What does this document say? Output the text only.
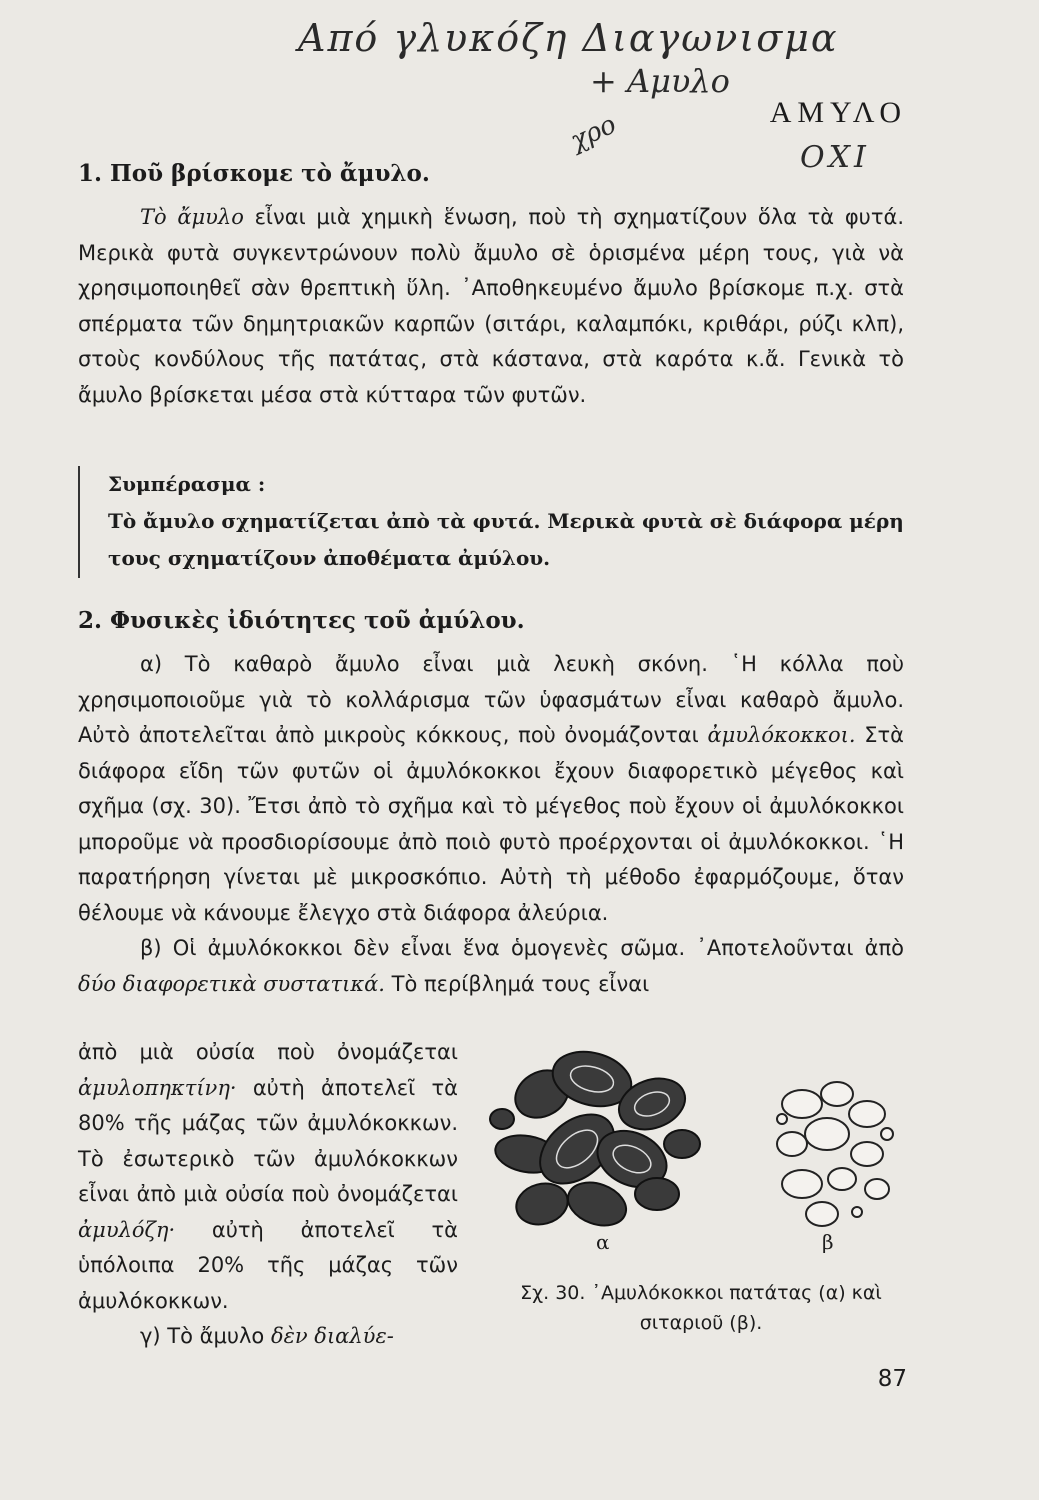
Από γλυκόζη Διαγωνισμα
+ Αμυλο
χρο
ΟΧΙ
ΑΜΥΛΟ
1. Ποῦ βρίσκομε τὸ ἄμυλο.

Τὸ ἄμυλο εἶναι μιὰ χημικὴ ἕνωση, ποὺ τὴ σχηματίζουν ὅλα τὰ φυτά. Μερικὰ φυτὰ συγκεντρώνουν πολὺ ἄμυλο σὲ ὁρισμένα μέρη τους, γιὰ νὰ χρησιμοποιηθεῖ σὰν θρεπτικὴ ὕλη. ᾿Αποθηκευμένο ἄμυλο βρίσκομε π.χ. στὰ σπέρματα τῶν δημητριακῶν καρπῶν (σιτάρι, καλαμπόκι, κριθάρι, ρύζι κλπ), στοὺς κονδύλους τῆς πατάτας, στὰ κάστανα, στὰ καρότα κ.ἄ. Γενικὰ τὸ ἄμυλο βρίσκεται μέσα στὰ κύτταρα τῶν φυτῶν.

Συμπέρασμα :
Τὸ ἄμυλο σχηματίζεται ἀπὸ τὰ φυτά. Μερικὰ φυτὰ σὲ διάφορα μέρη τους σχηματίζουν ἀποθέματα ἀμύλου.
2. Φυσικὲς ἰδιότητες τοῦ ἀμύλου.

α) Τὸ καθαρὸ ἄμυλο εἶναι μιὰ λευκὴ σκόνη. ῾Η κόλλα ποὺ χρησιμοποιοῦμε γιὰ τὸ κολλάρισμα τῶν ὑφασμάτων εἶναι καθαρὸ ἄμυλο. Αὐτὸ ἀποτελεῖται ἀπὸ μικροὺς κόκκους, ποὺ ὀνομάζονται ἀμυλόκοκκοι. Στὰ διάφορα εἴδη τῶν φυτῶν οἱ ἀμυλόκοκκοι ἔχουν διαφορετικὸ μέγεθος καὶ σχῆμα (σχ. 30). Ἔτσι ἀπὸ τὸ σχῆμα καὶ τὸ μέγεθος ποὺ ἔχουν οἱ ἀμυλόκοκκοι μποροῦμε νὰ προσδιορίσουμε ἀπὸ ποιὸ φυτὸ προέρχονται οἱ ἀμυλόκοκκοι. ῾Η παρατήρηση γίνεται μὲ μικροσκόπιο. Αὐτὴ τὴ μέθοδο ἐφαρμόζουμε, ὅταν θέλουμε νὰ κάνουμε ἔλεγχο στὰ διάφορα ἀλεύρια.

β) Οἱ ἀμυλόκοκκοι δὲν εἶναι ἕνα ὁμογενὲς σῶμα. ᾿Αποτελοῦνται ἀπὸ δύο διαφορετικὰ συστατικά. Τὸ περίβλημά τους εἶναι

ἀπὸ μιὰ οὐσία ποὺ ὀνομάζεται ἀμυλοπηκτίνη· αὐτὴ ἀποτελεῖ τὰ 80% τῆς μάζας τῶν ἀμυλόκοκκων. Τὸ ἐσωτερικὸ τῶν ἀμυλόκοκκων εἶναι ἀπὸ μιὰ οὐσία ποὺ ὀνομάζεται ἀμυλόζη· αὐτὴ ἀποτελεῖ τὰ ὑπόλοιπα 20% τῆς μάζας τῶν ἀμυλόκοκκων.

γ) Τὸ ἄμυλο δὲν διαλύε-

α	β
Σχ. 30. ᾿Αμυλόκοκκοι πατάτας (α) καὶ σιταριοῦ (β).
87
